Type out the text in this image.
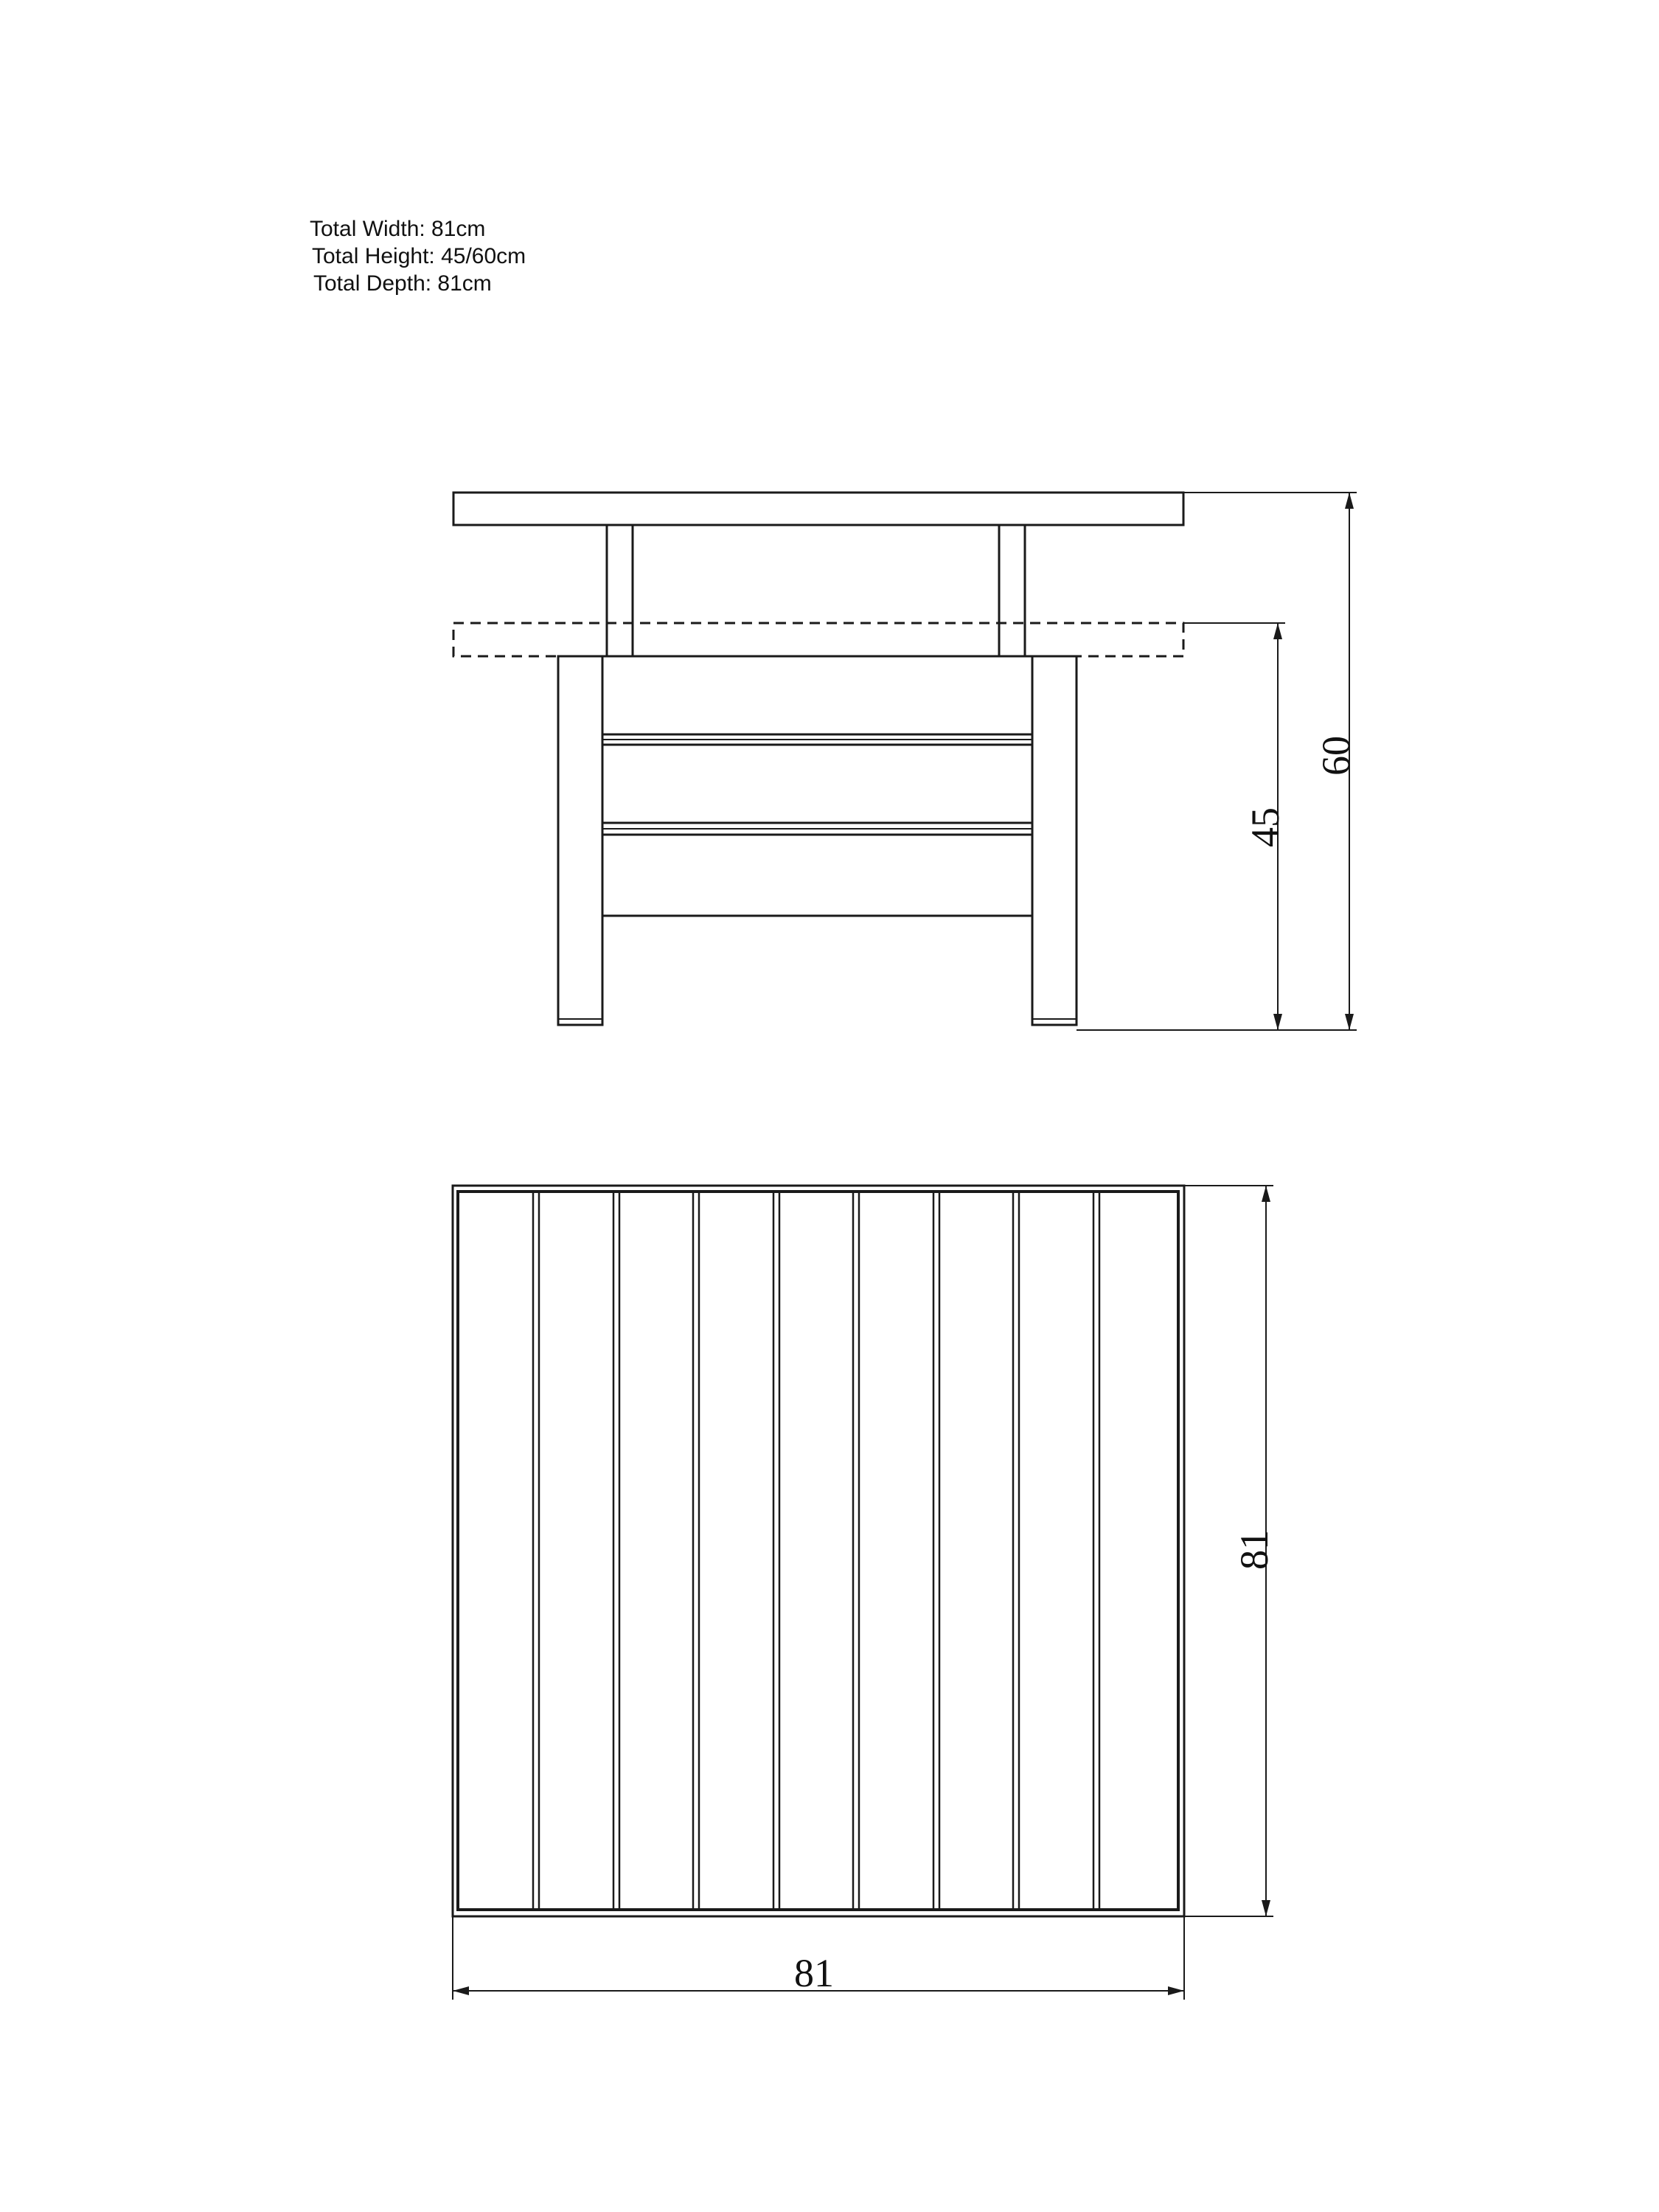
Total Width: 81cm
Total Height: 45/60cm
Total Depth: 81cm
60
45
81
81
